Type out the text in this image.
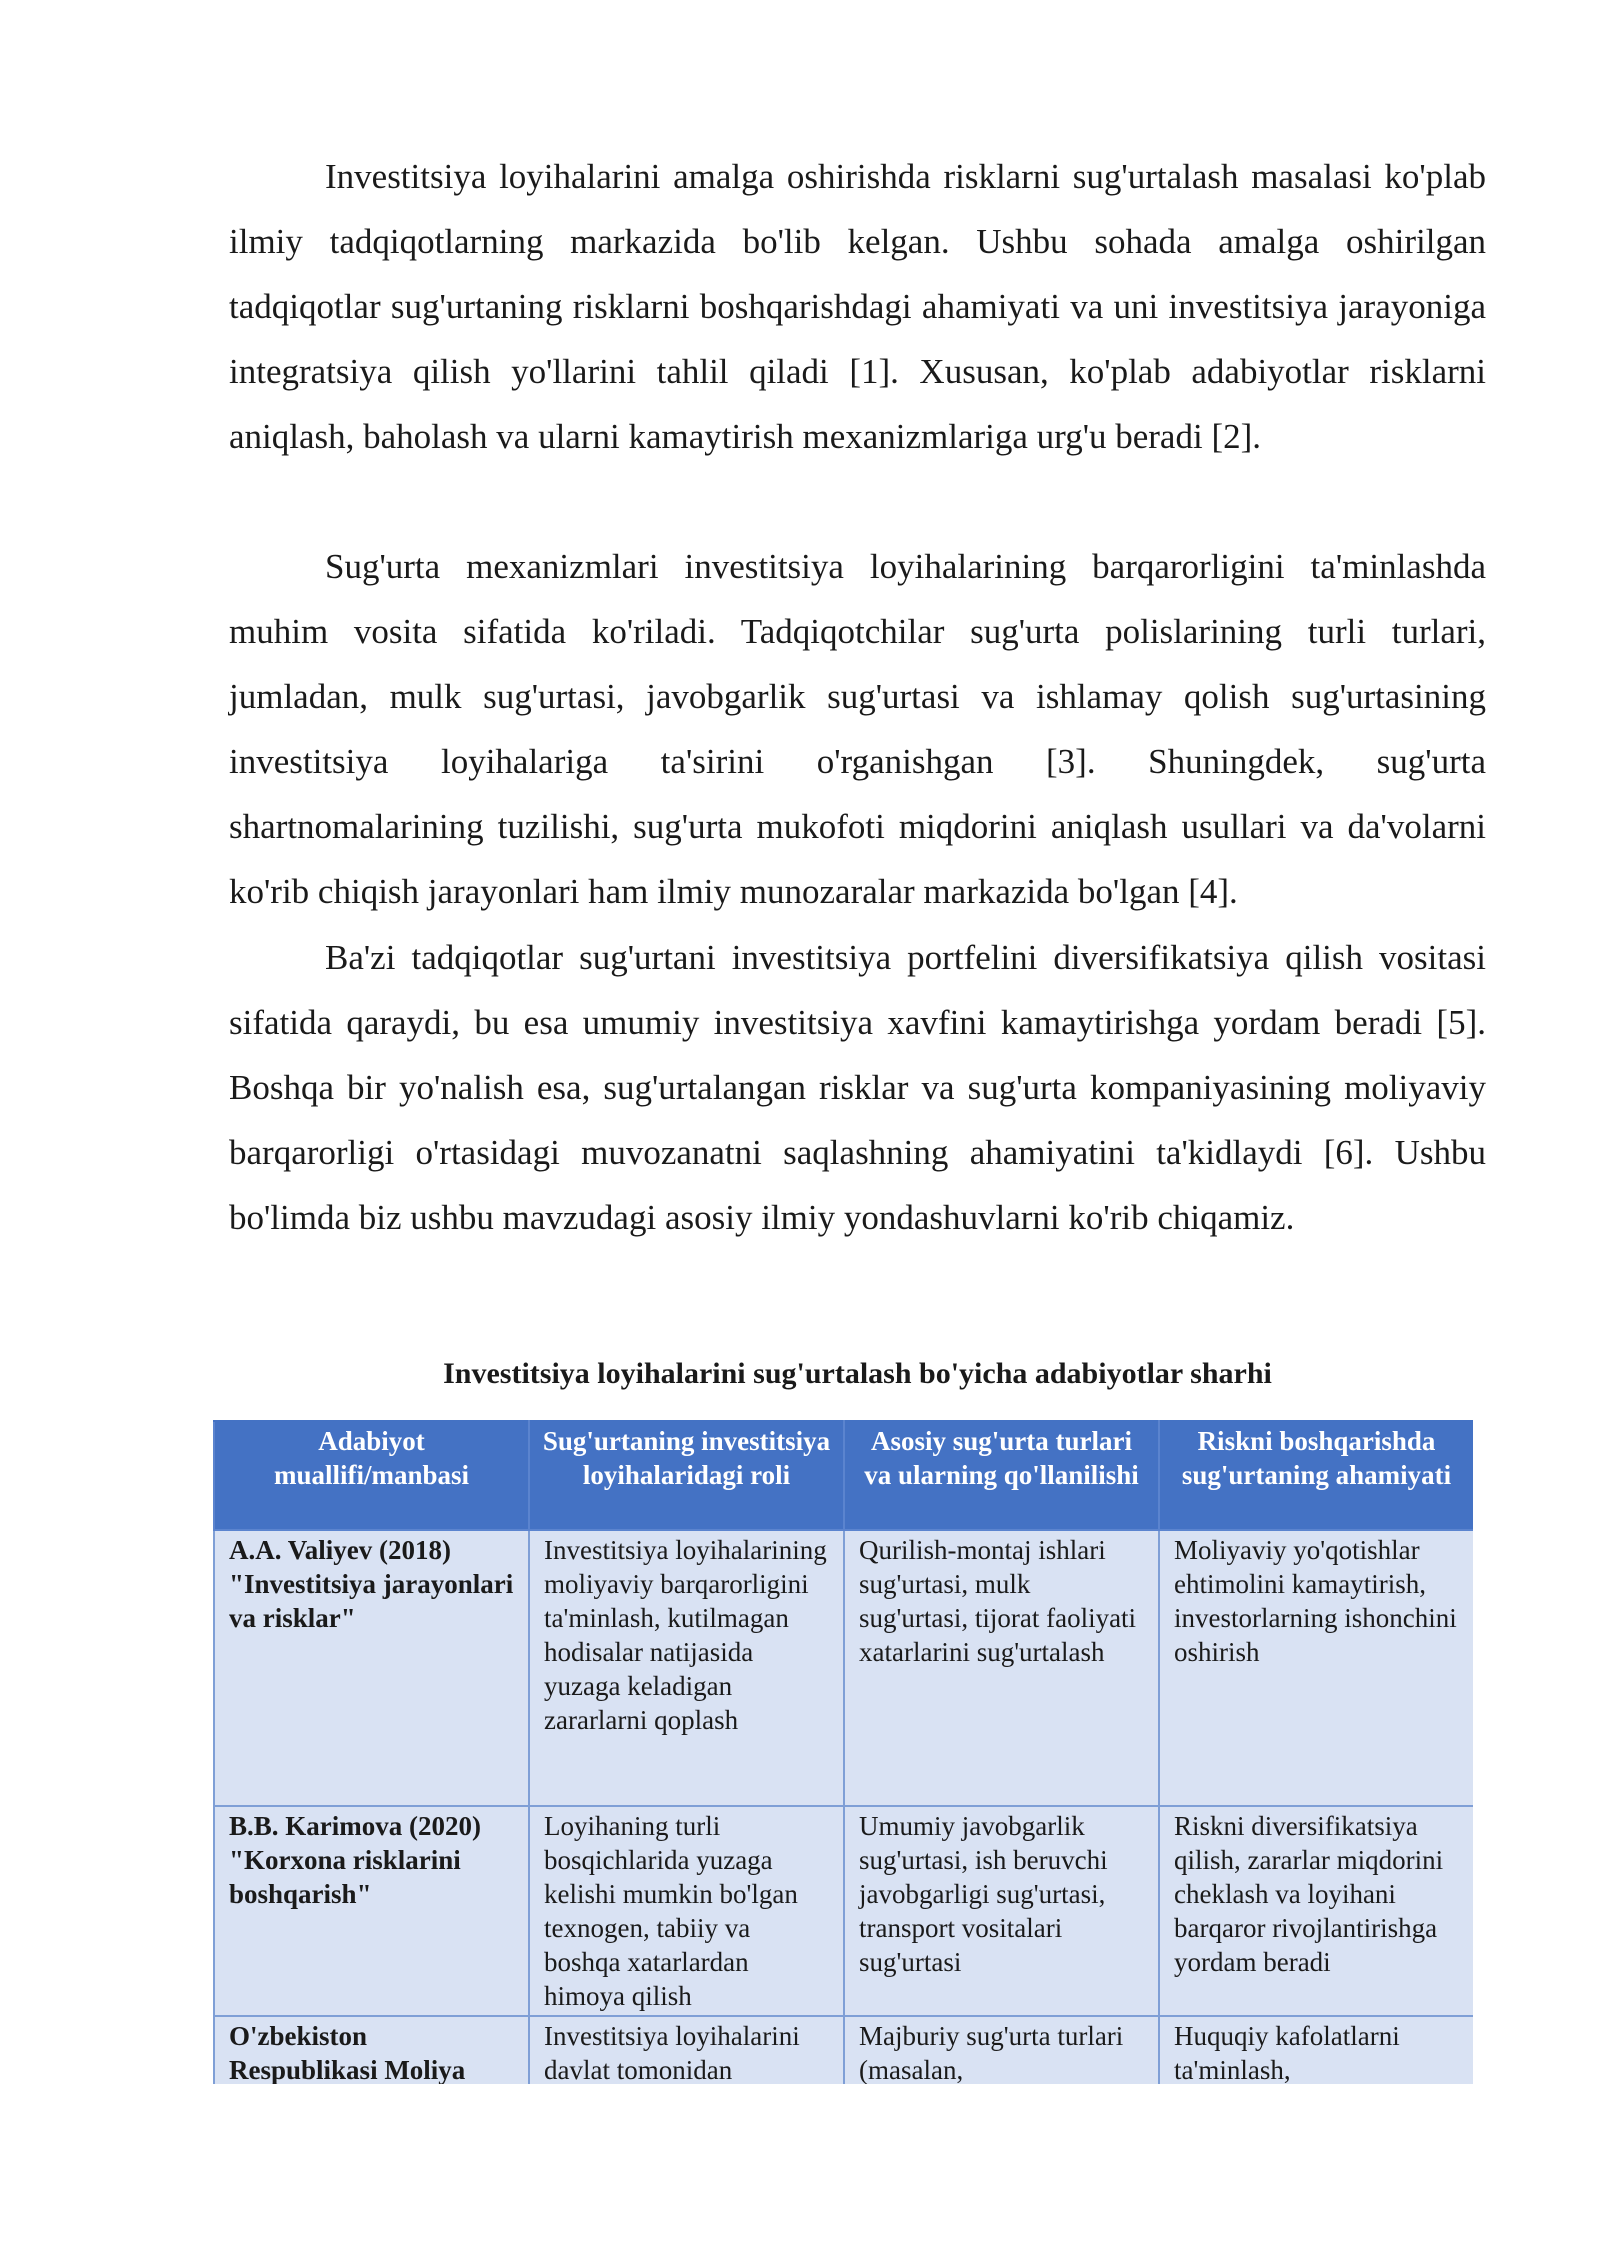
Investitsiya loyihalarini amalga oshirishda risklarni sug'urtalash masalasi ko'plab ilmiy tadqiqotlarning markazida bo'lib kelgan. Ushbu sohada amalga oshirilgan tadqiqotlar sug'urtaning risklarni boshqarishdagi ahamiyati va uni investitsiya jarayoniga integratsiya qilish yo'llarini tahlil qiladi [1]. Xususan, ko'plab adabiyotlar risklarni aniqlash, baholash va ularni kamaytirish mexanizmlariga urg'u beradi [2].

Sug'urta mexanizmlari investitsiya loyihalarining barqarorligini ta'minlashda muhim vosita sifatida ko'riladi. Tadqiqotchilar sug'urta polislarining turli turlari, jumladan, mulk sug'urtasi, javobgarlik sug'urtasi va ishlamay qolish sug'urtasining investitsiya loyihalariga ta'sirini o'rganishgan [3]. Shuningdek, sug'urta shartnomalarining tuzilishi, sug'urta mukofoti miqdorini aniqlash usullari va da'volarni ko'rib chiqish jarayonlari ham ilmiy munozaralar markazida bo'lgan [4].

Ba'zi tadqiqotlar sug'urtani investitsiya portfelini diversifikatsiya qilish vositasi sifatida qaraydi, bu esa umumiy investitsiya xavfini kamaytirishga yordam beradi [5]. Boshqa bir yo'nalish esa, sug'urtalangan risklar va sug'urta kompaniyasining moliyaviy barqarorligi o'rtasidagi muvozanatni saqlashning ahamiyatini ta'kidlaydi [6]. Ushbu bo'limda biz ushbu mavzudagi asosiy ilmiy yondashuvlarni ko'rib chiqamiz.

Investitsiya loyihalarini sug'urtalash bo'yicha adabiyotlar sharhi

Adabiyot muallifi/manbasi	Sug'urtaning investitsiya loyihalaridagi roli	Asosiy sug'urta turlari va ularning qo'llanilishi	Riskni boshqarishda sug'urtaning ahamiyati
A.A. Valiyev (2018) "Investitsiya jarayonlari va risklar"	Investitsiya loyihalarining moliyaviy barqarorligini ta'minlash, kutilmagan hodisalar natijasida yuzaga keladigan zararlarni qoplash	Qurilish-montaj ishlari sug'urtasi, mulk sug'urtasi, tijorat faoliyati xatarlarini sug'urtalash	Moliyaviy yo'qotishlar ehtimolini kamaytirish, investorlarning ishonchini oshirish
B.B. Karimova (2020) "Korxona risklarini boshqarish"	Loyihaning turli bosqichlarida yuzaga kelishi mumkin bo'lgan texnogen, tabiiy va boshqa xatarlardan himoya qilish	Umumiy javobgarlik sug'urtasi, ish beruvchi javobgarligi sug'urtasi, transport vositalari sug'urtasi	Riskni diversifikatsiya qilish, zararlar miqdorini cheklash va loyihani barqaror rivojlantirishga yordam beradi
O'zbekiston Respublikasi Moliya	Investitsiya loyihalarini davlat tomonidan	Majburiy sug'urta turlari (masalan,	Huquqiy kafolatlarni ta'minlash,
